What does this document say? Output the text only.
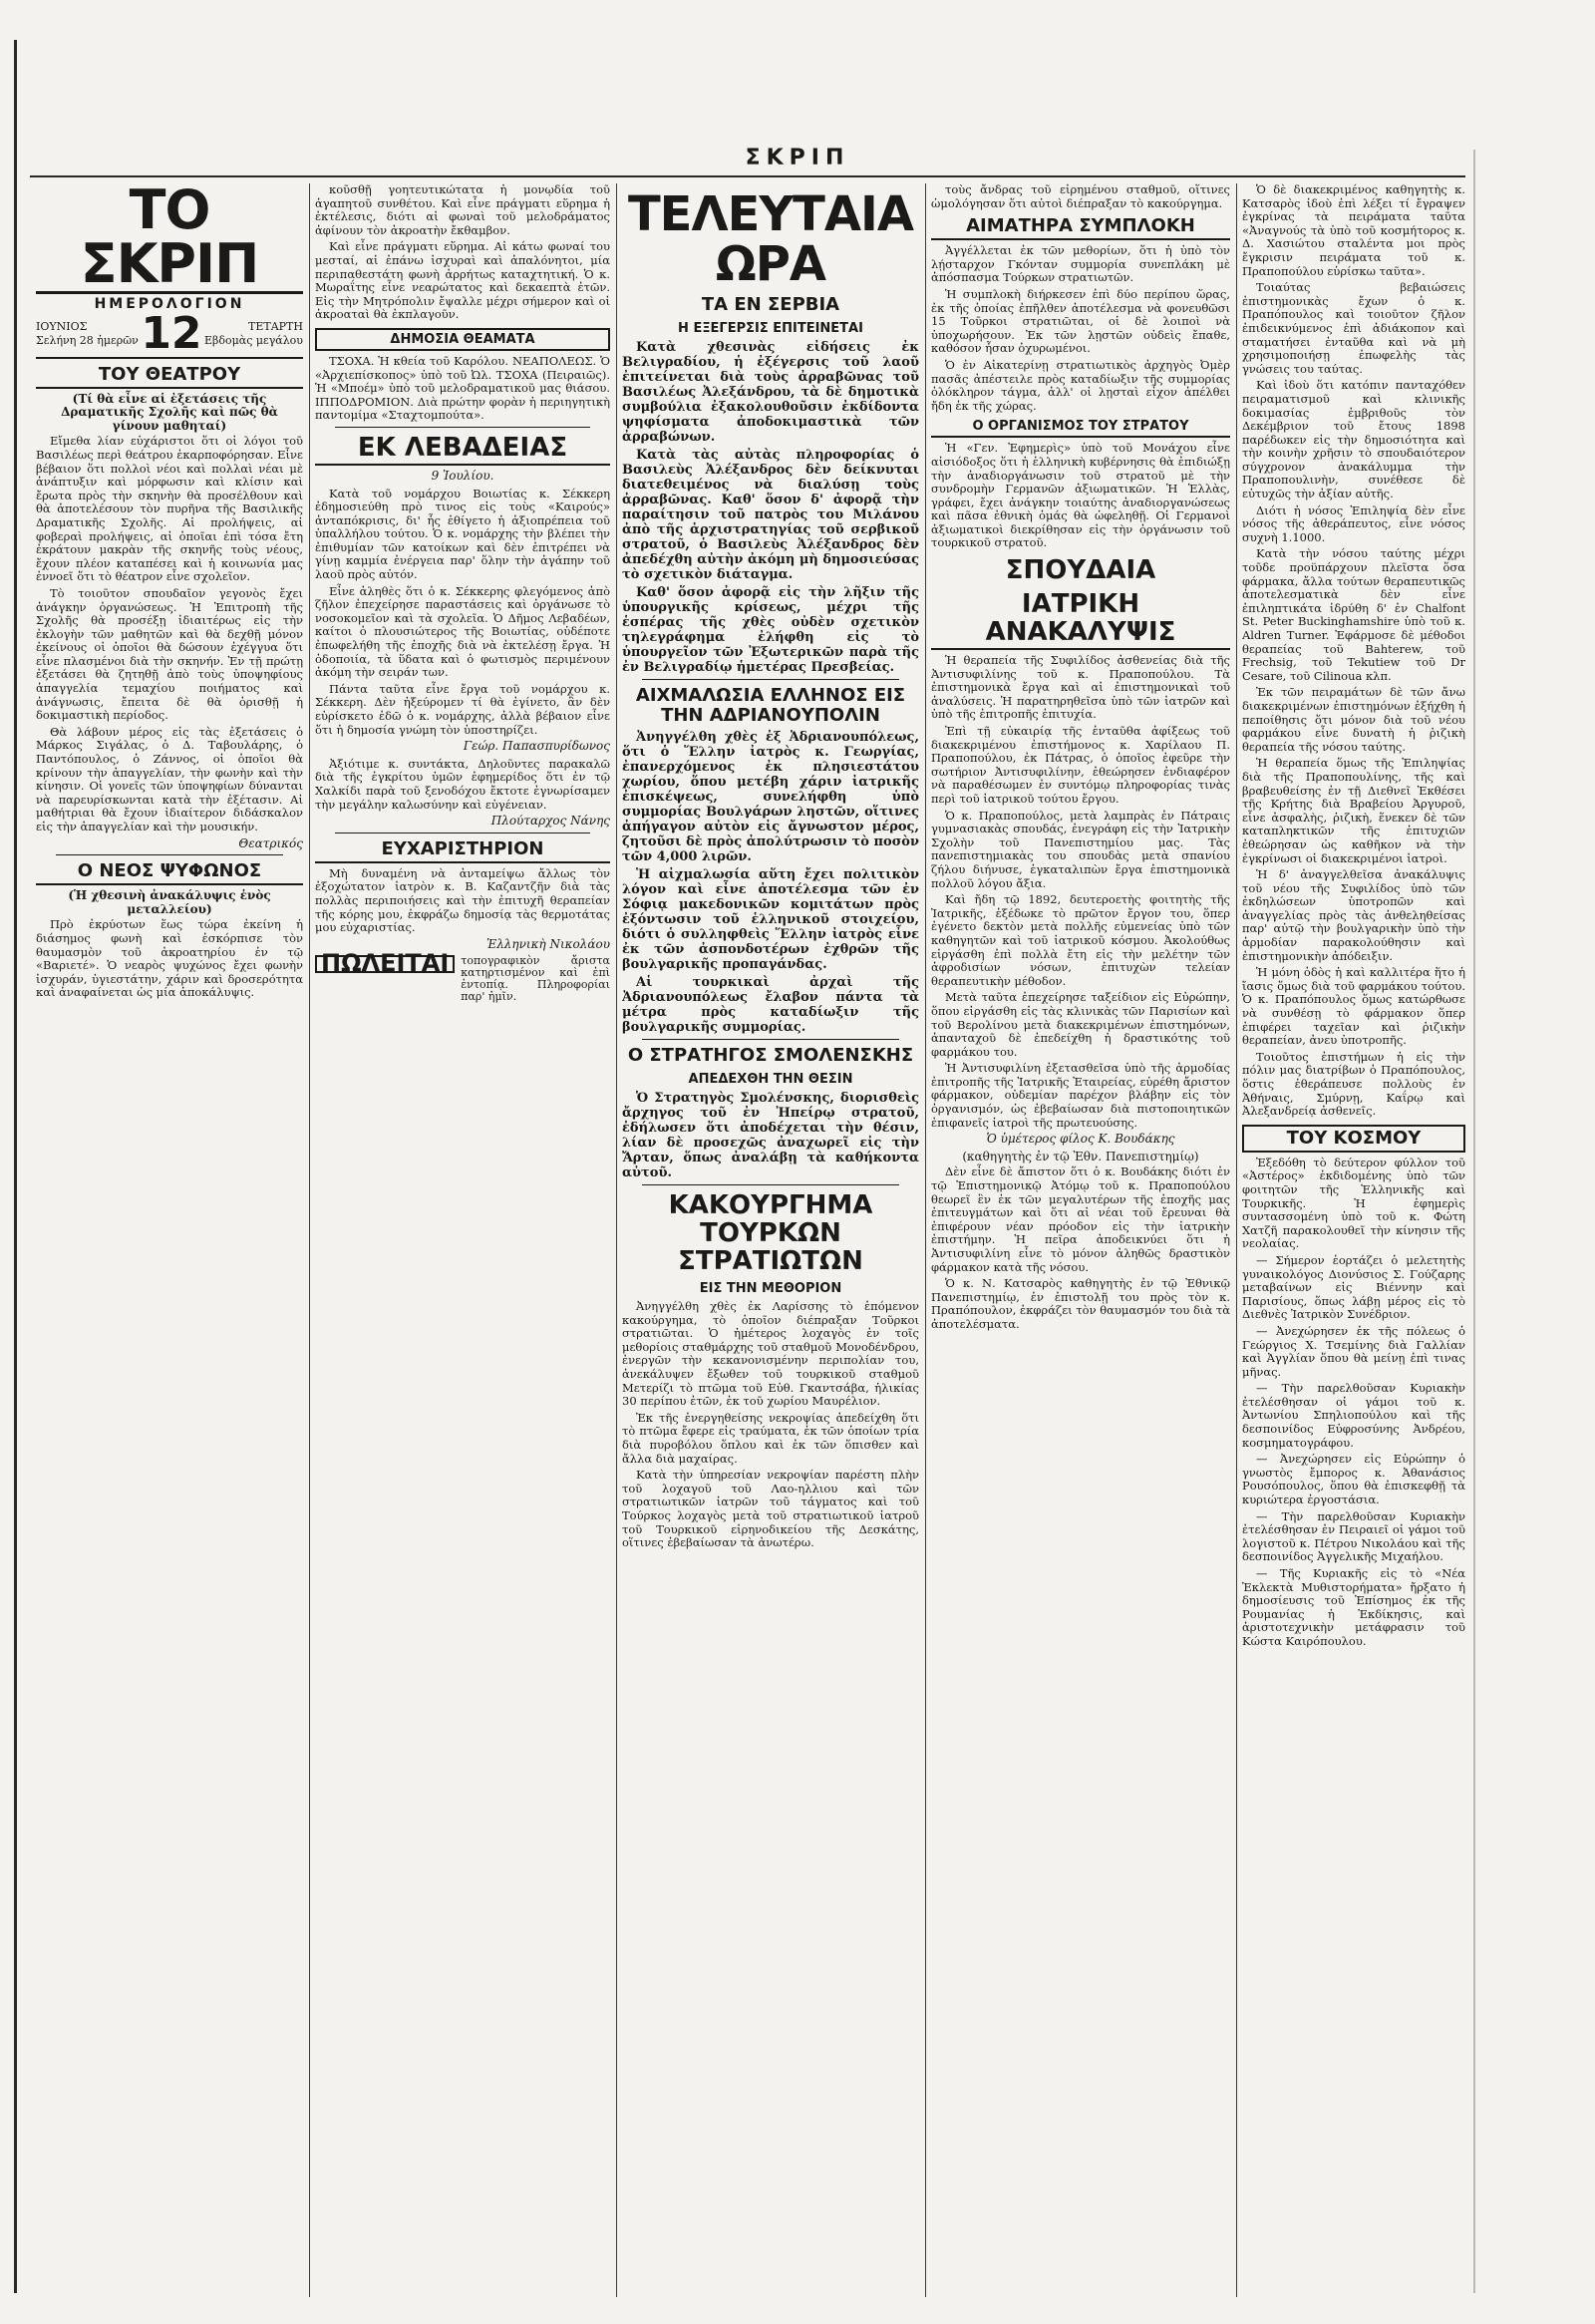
ΣΚΡΙΠ
ΤΟ ΣΚΡΙΠ
ΗΜΕΡΟΛΟΓΙΟΝ
ΙΟΥΝΙΟΣ
Σελήνη 28 ἡμερῶν 12	ΤΕΤΑΡΤΗ
Εβδομὰς μεγάλου
ΤΟΥ ΘΕΑΤΡΟΥ
(Τί θὰ εἶνε αἱ ἐξετάσεις τῆς Δραματικῆς Σχολῆς καὶ πῶς θὰ γίνουν μαθηταί)

Εἴμεθα λίαν εὐχάριστοι ὅτι οἱ λόγοι τοῦ Βασιλέως περὶ θεάτρου ἐκαρποφόρησαν. Εἶνε βέβαιον ὅτι πολλοὶ νέοι καὶ πολλαὶ νέαι μὲ ἀνάπτυξιν καὶ μόρφωσιν καὶ κλίσιν καὶ ἔρωτα πρὸς τὴν σκηνὴν θὰ προσέλθουν καὶ θὰ ἀποτελέσουν τὸν πυρῆνα τῆς Βασιλικῆς Δραματικῆς Σχολῆς. Αἱ προλήψεις, αἱ φοβεραὶ προλήψεις, αἱ ὁποῖαι ἐπὶ τόσα ἔτη ἐκράτουν μακρὰν τῆς σκηνῆς τοὺς νέους, ἔχουν πλέον καταπέσει καὶ ἡ κοινωνία μας ἐννοεῖ ὅτι τὸ θέατρον εἶνε σχολεῖον.

Τὸ τοιοῦτον σπουδαῖον γεγονὸς ἔχει ἀνάγκην ὀργανώσεως. Ἡ Ἐπιτροπὴ τῆς Σχολῆς θὰ προσέξῃ ἰδιαιτέρως εἰς τὴν ἐκλογὴν τῶν μαθητῶν καὶ θὰ δεχθῇ μόνον ἐκείνους οἱ ὁποῖοι θὰ δώσουν ἐχέγγυα ὅτι εἶνε πλασμένοι διὰ τὴν σκηνήν. Ἐν τῇ πρώτῃ ἐξετάσει θὰ ζητηθῇ ἀπὸ τοὺς ὑποψηφίους ἀπαγγελία τεμαχίου ποιήματος καὶ ἀνάγνωσις, ἔπειτα δὲ θὰ ὁρισθῇ ἡ δοκιμαστικὴ περίοδος.

Θὰ λάβουν μέρος εἰς τὰς ἐξετάσεις ὁ Μάρκος Σιγάλας, ὁ Δ. Ταβουλάρης, ὁ Παντόπουλος, ὁ Ζάννος, οἱ ὁποῖοι θὰ κρίνουν τὴν ἀπαγγελίαν, τὴν φωνὴν καὶ τὴν κίνησιν. Οἱ γονεῖς τῶν ὑποψηφίων δύνανται νὰ παρευρίσκωνται κατὰ τὴν ἐξέτασιν. Αἱ μαθήτριαι θὰ ἔχουν ἰδιαίτερον διδάσκαλον εἰς τὴν ἀπαγγελίαν καὶ τὴν μουσικήν.

Θεατρικός
Ο ΝΕΟΣ ΨΥΦΩΝΟΣ
(Ἡ χθεσινὴ ἀνακάλυψις ἑνὸς μεταλλείου)

Πρὸ ἐκρύοτων ἕως τώρα ἐκείνη ἡ διάσημος φωνὴ καὶ ἐσκόρπισε τὸν θαυμασμὸν τοῦ ἀκροατηρίου ἐν τῷ «Βαριετέ». Ὁ νεαρὸς ψυχώνος ἔχει φωνὴν ἰσχυράν, ὑγιεστάτην, χάριν καὶ δροσερότητα καὶ ἀναφαίνεται ὡς μία ἀποκάλυψις.

κοῦσθῇ γοητευτικώτατα ἡ μονῳδία τοῦ ἀγαπητοῦ συνθέτου. Καὶ εἶνε πράγματι εὕρημα ἡ ἐκτέλεσις, διότι αἱ φωναὶ τοῦ μελοδράματος ἀφίνουν τὸν ἀκροατὴν ἔκθαμβον.

Καὶ εἶνε πράγματι εὕρημα. Αἱ κάτω φωναί του μεσταί, αἱ ἐπάνω ἰσχυραὶ καὶ ἀπαλόνητοι, μία περιπαθεστάτη φωνὴ ἀρρήτως καταχτητική. Ὁ κ. Μωραΐτης εἶνε νεαρώτατος καὶ δεκαεπτὰ ἐτῶν. Εἰς τὴν Μητρόπολιν ἔψαλλε μέχρι σήμερον καὶ οἱ ἀκροαταὶ θὰ ἐκπλαγοῦν.

ΔΗΜΟΣΙΑ ΘΕΑΜΑΤΑ

ΤΣΟΧΑ. Ἡ κθεία τοῦ Καρόλου. ΝΕΑΠΟΛΕΩΣ. Ὁ «Ἀρχιεπίσκοπος» ὑπὸ τοῦ Ὠλ. ΤΣΟΧΑ (Πειραιῶς). Ἡ «Μποέμ» ὑπὸ τοῦ μελοδραματικοῦ μας θιάσου. ΙΠΠΟΔΡΟΜΙΟΝ. Διὰ πρώτην φορὰν ἡ περιηγητικὴ παντομίμα «Σταχτομπούτα».

ΕΚ ΛΕΒΑΔΕΙΑΣ
9 Ἰουλίου.

Κατὰ τοῦ νομάρχου Βοιωτίας κ. Σέκκερη ἐδημοσιεύθη πρὸ τινος εἰς τοὺς «Καιρούς» ἀνταπόκρισις, δι' ἧς ἐθίγετο ἡ ἀξιοπρέπεια τοῦ ὑπαλλήλου τούτου. Ὁ κ. νομάρχης τὴν βλέπει τὴν ἐπιθυμίαν τῶν κατοίκων καὶ δὲν ἐπιτρέπει νὰ γίνῃ καμμία ἐνέργεια παρ' ὅλην τὴν ἀγάπην τοῦ λαοῦ πρὸς αὐτόν.

Εἶνε ἀληθὲς ὅτι ὁ κ. Σέκκερης φλεγόμενος ἀπὸ ζῆλον ἐπεχείρησε παραστάσεις καὶ ὀργάνωσε τὸ νοσοκομεῖον καὶ τὰ σχολεῖα. Ὁ Δῆμος Λεβαδέων, καίτοι ὁ πλουσιώτερος τῆς Βοιωτίας, οὐδέποτε ἐπωφελήθη τῆς ἐποχῆς διὰ νὰ ἐκτελέσῃ ἔργα. Ἡ ὁδοποιία, τὰ ὕδατα καὶ ὁ φωτισμὸς περιμένουν ἀκόμη τὴν σειράν των.

Πάντα ταῦτα εἶνε ἔργα τοῦ νομάρχου κ. Σέκκερη. Δὲν ἠξεύρομεν τί θὰ ἐγίνετο, ἂν δὲν εὑρίσκετο ἐδῶ ὁ κ. νομάρχης, ἀλλὰ βέβαιον εἶνε ὅτι ἡ δημοσία γνώμη τὸν ὑποστηρίζει.

Γεώρ. Παπασπυρίδωνος

Ἀξιότιμε κ. συντάκτα, Δηλοῦντες παρακαλῶ διὰ τῆς ἐγκρίτου ὑμῶν ἐφημερίδος ὅτι ἐν τῷ Χαλκίδι παρὰ τοῦ ξενοδόχου ἔκτοτε ἐγνωρίσαμεν τὴν μεγάλην καλωσύνην καὶ εὐγένειαν.

Πλούταρχος Νάνης
ΕΥΧΑΡΙΣΤΗΡΙΟΝ

Μὴ δυναμένη νὰ ἀνταμείψω ἄλλως τὸν ἐξοχώτατον ἰατρὸν κ. Β. Καζαντζῆν διὰ τὰς πολλὰς περιποιήσεις καὶ τὴν ἐπιτυχῆ θεραπείαν τῆς κόρης μου, ἐκφράζω δημοσίᾳ τὰς θερμοτάτας μου εὐχαριστίας.

Ἑλληνικὴ Νικολάου
ΠΩΛΕΙΤΑΙ	τοπογραφικὸν ἄριστα κατηρτισμένον καὶ ἐπὶ ἐντοπίᾳ. Πληροφορίαι παρ' ἡμῖν.
ΤΕΛΕΥΤΑΙΑ ΩΡΑ
ΤΑ ΕΝ ΣΕΡΒΙΑ
Η ΕΞΕΓΕΡΣΙΣ ΕΠΙΤΕΙΝΕΤΑΙ

Κατὰ χθεσινὰς εἰδήσεις ἐκ Βελιγραδίου, ἡ ἐξέγερσις τοῦ λαοῦ ἐπιτείνεται διὰ τοὺς ἀρραβῶνας τοῦ Βασιλέως Ἀλεξάνδρου, τὰ δὲ δημοτικὰ συμβούλια ἐξακολουθοῦσιν ἐκδίδοντα ψηφίσματα ἀποδοκιμαστικὰ τῶν ἀρραβώνων.

Κατὰ τὰς αὐτὰς πληροφορίας ὁ Βασιλεὺς Ἀλέξανδρος δὲν δείκνυται διατεθειμένος νὰ διαλύσῃ τοὺς ἀρραβῶνας. Καθ' ὅσον δ' ἀφορᾷ τὴν παραίτησιν τοῦ πατρὸς του Μιλάνου ἀπὸ τῆς ἀρχιστρατηγίας τοῦ σερβικοῦ στρατοῦ, ὁ Βασιλεὺς Ἀλέξανδρος δὲν ἀπεδέχθη αὐτὴν ἀκόμη μὴ δημοσιεύσας τὸ σχετικὸν διάταγμα.

Καθ' ὅσον ἀφορᾷ εἰς τὴν λῆξιν τῆς ὑπουργικῆς κρίσεως, μέχρι τῆς ἑσπέρας τῆς χθὲς οὐδὲν σχετικὸν τηλεγράφημα ἐλήφθη εἰς τὸ ὑπουργεῖον τῶν Ἐξωτερικῶν παρὰ τῆς ἐν Βελιγραδίῳ ἡμετέρας Πρεσβείας.

ΑΙΧΜΑΛΩΣΙΑ ΕΛΛΗΝΟΣ ΕΙΣ ΤΗΝ ΑΔΡΙΑΝΟΥΠΟΛΙΝ

Ἀνηγγέλθη χθὲς ἐξ Ἀδριανουπόλεως, ὅτι ὁ Ἕλλην ἰατρὸς κ. Γεωργίας, ἐπανερχόμενος ἐκ πλησιεστάτου χωρίου, ὅπου μετέβη χάριν ἰατρικῆς ἐπισκέψεως, συνελήφθη ὑπὸ συμμορίας Βουλγάρων ληστῶν, οἵτινες ἀπήγαγον αὐτὸν εἰς ἄγνωστον μέρος, ζητοῦσι δὲ πρὸς ἀπολύτρωσιν τὸ ποσὸν τῶν 4,000 λιρῶν.

Ἡ αἰχμαλωσία αὕτη ἔχει πολιτικὸν λόγον καὶ εἶνε ἀποτέλεσμα τῶν ἐν Σόφιᾳ μακεδονικῶν κομιτάτων πρὸς ἐξόντωσιν τοῦ ἑλληνικοῦ στοιχείου, διότι ὁ συλληφθεὶς Ἕλλην ἰατρὸς εἶνε ἐκ τῶν ἀσπονδοτέρων ἐχθρῶν τῆς βουλγαρικῆς προπαγάνδας.

Αἱ τουρκικαὶ ἀρχαὶ τῆς Ἀδριανουπόλεως ἔλαβον πάντα τὰ μέτρα πρὸς καταδίωξιν τῆς βουλγαρικῆς συμμορίας.

Ο ΣΤΡΑΤΗΓΟΣ ΣΜΟΛΕΝΣΚΗΣ
ΑΠΕΔΕΧΘΗ ΤΗΝ ΘΕΣΙΝ

Ὁ Στρατηγὸς Σμολένσκης, διορισθεὶς ἄρχηγος τοῦ ἐν Ἠπείρῳ στρατοῦ, ἐδήλωσεν ὅτι ἀποδέχεται τὴν θέσιν, λίαν δὲ προσεχῶς ἀναχωρεῖ εἰς τὴν Ἄρταν, ὅπως ἀναλάβῃ τὰ καθήκοντα αὐτοῦ.

ΚΑΚΟΥΡΓΗΜΑ ΤΟΥΡΚΩΝ ΣΤΡΑΤΙΩΤΩΝ
ΕΙΣ ΤΗΝ ΜΕΘΟΡΙΟΝ

Ἀνηγγέλθη χθὲς ἐκ Λαρίσσης τὸ ἑπόμενον κακούργημα, τὸ ὁποῖον διέπραξαν Τοῦρκοι στρατιῶται. Ὁ ἡμέτερος λοχαγὸς ἐν τοῖς μεθορίοις σταθμάρχης τοῦ σταθμοῦ Μονοδένδρου, ἐνεργῶν τὴν κεκανονισμένην περιπολίαν του, ἀνεκάλυψεν ἔξωθεν τοῦ τουρκικοῦ σταθμοῦ Μετερίζι τὸ πτῶμα τοῦ Εὐθ. Γκαντσάβα, ἡλικίας 30 περίπου ἐτῶν, ἐκ τοῦ χωρίου Μαυρέλιον.

Ἐκ τῆς ἐνεργηθείσης νεκροψίας ἀπεδείχθη ὅτι τὸ πτῶμα ἔφερε εἰς τραύματα, ἐκ τῶν ὁποίων τρία διὰ πυροβόλου ὅπλου καὶ ἐκ τῶν ὅπισθεν καὶ ἄλλα διὰ μαχαίρας.

Κατὰ τὴν ὑπηρεσίαν νεκροψίαν παρέστη πλὴν τοῦ λοχαγοῦ τοῦ Λαο-ηλλιου καὶ τῶν στρατιωτικῶν ἰατρῶν τοῦ τάγματος καὶ τοῦ Τούρκος λοχαγὸς μετὰ τοῦ στρατιωτικοῦ ἰατροῦ τοῦ Τουρκικοῦ εἰρηνοδικείου τῆς Δεσκάτης, οἵτινες ἐβεβαίωσαν τὰ ἀνωτέρω.

τοὺς ἄνδρας τοῦ εἰρημένου σταθμοῦ, οἵτινες ὡμολόγησαν ὅτι αὐτοὶ διέπραξαν τὸ κακούργημα.

ΑΙΜΑΤΗΡΑ ΣΥΜΠΛΟΚΗ

Ἀγγέλλεται ἐκ τῶν μεθορίων, ὅτι ἡ ὑπὸ τὸν λῄσταρχον Γκόνταν συμμορία συνεπλάκη μὲ ἀπόσπασμα Τούρκων στρατιωτῶν.

Ἡ συμπλοκὴ διήρκεσεν ἐπὶ δύο περίπου ὥρας, ἐκ τῆς ὁποίας ἐπῆλθεν ἀποτέλεσμα νὰ φονευθῶσι 15 Τοῦρκοι στρατιῶται, οἱ δὲ λοιποὶ νὰ ὑποχωρήσουν. Ἐκ τῶν λῃστῶν οὐδεὶς ἔπαθε, καθόσον ἦσαν ὀχυρωμένοι.

Ὁ ἐν Αἰκατερίνῃ στρατιωτικὸς ἀρχηγὸς Ὀμὲρ πασᾶς ἀπέστειλε πρὸς καταδίωξιν τῆς συμμορίας ὁλόκληρον τάγμα, ἀλλ' οἱ λῃσταὶ εἶχον ἀπέλθει ἤδη ἐκ τῆς χώρας.

Ο ΟΡΓΑΝΙΣΜΟΣ ΤΟΥ ΣΤΡΑΤΟΥ

Ἡ «Γεν. Ἐφημερὶς» ὑπὸ τοῦ Μονάχου εἶνε αἰσιόδοξος ὅτι ἡ ἑλληνικὴ κυβέρνησις θὰ ἐπιδιώξῃ τὴν ἀναδιοργάνωσιν τοῦ στρατοῦ μὲ τὴν συνδρομὴν Γερμανῶν ἀξιωματικῶν. Ἡ Ἑλλὰς, γράφει, ἔχει ἀνάγκην τοιαύτης ἀναδιοργανώσεως καὶ πᾶσα ἐθνικὴ ὁμάς θὰ ὠφεληθῇ. Οἱ Γερμανοὶ ἀξιωματικοὶ διεκρίθησαν εἰς τὴν ὀργάνωσιν τοῦ τουρκικοῦ στρατοῦ.

ΣΠΟΥΔΑΙΑ
ΙΑΤΡΙΚΗ ΑΝΑΚΑΛΥΨΙΣ

Ἡ θεραπεία τῆς Συφιλίδος ἀσθενείας διὰ τῆς Ἀντισυφιλίνης τοῦ κ. Πραποπούλου. Τὰ ἐπιστημονικὰ ἔργα καὶ αἱ ἐπιστημονικαὶ τοῦ ἀναλύσεις. Ἡ παρατηρηθεῖσα ὑπὸ τῶν ἰατρῶν καὶ ὑπὸ τῆς ἐπιτροπῆς ἐπιτυχία.

Ἐπὶ τῇ εὐκαιρίᾳ τῆς ἐνταῦθα ἀφίξεως τοῦ διακεκριμένου ἐπιστήμονος κ. Χαρίλαου Π. Πραποπούλου, ἐκ Πάτρας, ὁ ὁποῖος ἐφεῦρε τὴν σωτήριον Ἀντισυφιλίνην, ἐθεώρησεν ἐνδιαφέρον νὰ παραθέσωμεν ἐν συντόμῳ πληροφορίας τινὰς περὶ τοῦ ἰατρικοῦ τούτου ἔργου.

Ὁ κ. Πραποπούλος, μετὰ λαμπρὰς ἐν Πάτραις γυμνασιακὰς σπουδάς, ἐνεγράφη εἰς τὴν Ἰατρικὴν Σχολὴν τοῦ Πανεπιστημίου μας. Τὰς πανεπιστημιακὰς του σπουδὰς μετὰ σπανίου ζήλου διήνυσε, ἐγκαταλιπὼν ἔργα ἐπιστημονικὰ πολλοῦ λόγου ἄξια.

Καὶ ἤδη τῷ 1892, δευτεροετὴς φοιτητὴς τῆς Ἰατρικῆς, ἐξέδωκε τὸ πρῶτον ἔργον του, ὅπερ ἐγένετο δεκτὸν μετὰ πολλῆς εὐμενείας ὑπὸ τῶν καθηγητῶν καὶ τοῦ ἰατρικοῦ κόσμου. Ἀκολούθως εἰργάσθη ἐπὶ πολλὰ ἔτη εἰς τὴν μελέτην τῶν ἀφροδισίων νόσων, ἐπιτυχὼν τελείαν θεραπευτικὴν μέθοδον.

Μετὰ ταῦτα ἐπεχείρησε ταξείδιον εἰς Εὐρώπην, ὅπου εἰργάσθη εἰς τὰς κλινικὰς τῶν Παρισίων καὶ τοῦ Βερολίνου μετὰ διακεκριμένων ἐπιστημόνων, ἀπανταχοῦ δὲ ἐπεδείχθη ἡ δραστικότης τοῦ φαρμάκου του.

Ἡ Ἀντισυφιλίνη ἐξετασθεῖσα ὑπὸ τῆς ἁρμοδίας ἐπιτροπῆς τῆς Ἰατρικῆς Ἑταιρείας, εὑρέθη ἄριστον φάρμακον, οὐδεμίαν παρέχον βλάβην εἰς τὸν ὀργανισμόν, ὡς ἐβεβαίωσαν διὰ πιστοποιητικῶν ἐπιφανεῖς ἰατροὶ τῆς πρωτευούσης.

Ὁ ὑμέτερος φίλος Κ. Βουδάκης
(καθηγητὴς ἐν τῷ Ἐθν. Πανεπιστημίῳ)

Δὲν εἶνε δὲ ἄπιστον ὅτι ὁ κ. Βουδάκης διότι ἐν τῷ Ἐπιστημονικῷ Ἀτόμῳ τοῦ κ. Πραποπούλου θεωρεῖ ἓν ἐκ τῶν μεγαλυτέρων τῆς ἐποχῆς μας ἐπιτευγμάτων καὶ ὅτι αἱ νέαι τοῦ ἔρευναι θὰ ἐπιφέρουν νέαν πρόοδον εἰς τὴν ἰατρικὴν ἐπιστήμην. Ἡ πεῖρα ἀποδεικνύει ὅτι ἡ Ἀντισυφιλίνη εἶνε τὸ μόνον ἀληθῶς δραστικὸν φάρμακον κατὰ τῆς νόσου.

Ὁ κ. Ν. Κατσαρὸς καθηγητὴς ἐν τῷ Ἐθνικῷ Πανεπιστημίῳ, ἐν ἐπιστολῇ του πρὸς τὸν κ. Πραπόπουλον, ἐκφράζει τὸν θαυμασμόν του διὰ τὰ ἀποτελέσματα.

Ὁ δὲ διακεκριμένος καθηγητὴς κ. Κατσαρὸς ἰδοὺ ἐπὶ λέξει τί ἔγραψεν ἐγκρίνας τὰ πειράματα ταῦτα «Ἀναγνούς τὰ ὑπὸ τοῦ κοσμήτορος κ. Δ. Χασιώτου σταλέντα μοι πρὸς ἔγκρισιν πειράματα τοῦ κ. Πραποπούλου εὑρίσκω ταῦτα».

Τοιαύτας βεβαιώσεις ἐπιστημονικὰς ἔχων ὁ κ. Πραπόπουλος καὶ τοιοῦτον ζῆλον ἐπιδεικνύμενος ἐπὶ ἀδιάκοπον καὶ σταματήσει ἐνταῦθα καὶ νὰ μὴ χρησιμοποιήσῃ ἐπωφελὴς τὰς γνώσεις του ταύτας.

Καὶ ἰδοὺ ὅτι κατόπιν πανταχόθεν πειραματισμοῦ καὶ κλινικῆς δοκιμασίας ἐμβριθοῦς τὸν Δεκέμβριον τοῦ ἔτους 1898 παρέδωκεν εἰς τὴν δημοσιότητα καὶ τὴν κοινὴν χρῆσιν τὸ σπουδαιότερον σύγχρονον ἀνακάλυμμα τὴν Πραποπουλινὴν, συνέθεσε δὲ εὐτυχῶς τὴν ἀξίαν αὐτῆς.

Διότι ἡ νόσος Ἐπιληψία δὲν εἶνε νόσος τῆς ἀθεράπευτος, εἶνε νόσος συχνὴ 1.1000.

Κατὰ τὴν νόσου ταύτης μέχρι τοῦδε προϋπάρχουν πλεῖστα ὅσα φάρμακα, ἄλλα τούτων θεραπευτικῶς ἀποτελεσματικὰ δὲν εἶνε ἐπιληπτικάτα ἰδρύθη δ' ἐν Chalfont St. Peter Buckinghamshire ὑπὸ τοῦ κ. Aldren Turner. Ἐφάρμοσε δὲ μέθοδοι θεραπείας τοῦ Bahterew, τοῦ Frechsig, τοῦ Tekutiew τοῦ Dr Cesare, τοῦ Cilinoua κλπ.

Ἐκ τῶν πειραμάτων δὲ τῶν ἄνω διακεκριμένων ἐπιστημόνων ἐξήχθη ἡ πεποίθησις ὅτι μόνον διὰ τοῦ νέου φαρμάκου εἶνε δυνατὴ ἡ ῥιζικὴ θεραπεία τῆς νόσου ταύτης.

Ἡ θεραπεία ὅμως τῆς Ἐπιληψίας διὰ τῆς Πραποπουλίνης, τῆς καὶ βραβευθείσης ἐν τῇ Διεθνεῖ Ἐκθέσει τῆς Κρήτης διὰ Βραβείου Ἀργυροῦ, εἶνε ἀσφαλὴς, ῥιζικὴ, ἕνεκεν δὲ τῶν καταπληκτικῶν τῆς ἐπιτυχιῶν ἐθεώρησαν ὡς καθῆκον νὰ τὴν ἐγκρίνωσι οἱ διακεκριμένοι ἰατροὶ.

Ἡ δ' ἀναγγελθεῖσα ἀνακάλυψις τοῦ νέου τῆς Συφιλίδος ὑπὸ τῶν ἐκδηλώσεων ὑποτροπῶν καὶ ἀναγγελίας πρὸς τὰς ἀνθεληθείσας παρ' αὐτῷ τὴν βουλγαρικὴν ὑπὸ τὴν ἁρμοδίαν παρακολούθησιν καὶ ἐπιστημονικὴν ἀπόδειξιν.

Ἡ μόνη ὁδὸς ἡ καὶ καλλιτέρα ἥτο ἡ ἴασις ὅμως διὰ τοῦ φαρμάκου τούτου. Ὁ κ. Πραπόπουλος ὅμως κατώρθωσε νὰ συνθέσῃ τὸ φάρμακον ὅπερ ἐπιφέρει ταχεῖαν καὶ ῥιζικὴν θεραπείαν, ἀνευ ὑποτροπῆς.

Τοιοῦτος ἐπιστήμων ἡ εἰς τὴν πόλιν μας διατρίβων ὁ Πραπόπουλος, ὅστις ἐθεράπευσε πολλοὺς ἐν Ἀθήναις, Σμύρνῃ, Καΐρῳ καὶ Ἀλεξανδρείᾳ ἀσθενεῖς.

ΤΟΥ ΚΟΣΜΟΥ

Ἐξεδόθη τὸ δεύτερον φύλλον τοῦ «Ἀστέρος» ἐκδιδομένης ὑπὸ τῶν φοιτητῶν τῆς Ἑλληνικῆς καὶ Τουρκικῆς. Ἡ ἐφημερὶς συντασσομένη ὑπὸ τοῦ κ. Φώτη Χατζῆ παρακολουθεῖ τὴν κίνησιν τῆς νεολαίας.

— Σήμερον ἑορτάζει ὁ μελετητὴς γυναικολόγος Διονύσιος Σ. Γούζαρης μεταβαίνων εἰς Βιέννην καὶ Παρισίους, ὅπως λάβῃ μέρος εἰς τὸ Διεθνὲς Ἰατρικὸν Συνέδριον.

— Ἀνεχώρησεν ἐκ τῆς πόλεως ὁ Γεώργιος Χ. Τσεμίνης διὰ Γαλλίαν καὶ Ἀγγλίαν ὅπου θὰ μείνῃ ἐπὶ τινας μῆνας.

— Τὴν παρελθοῦσαν Κυριακὴν ἐτελέσθησαν οἱ γάμοι τοῦ κ. Ἀντωνίου Σπηλιοπούλου καὶ τῆς δεσποινίδος Εὐφροσύνης Ἀνδρέου, κοσμηματογράφου.

— Ἀνεχώρησεν εἰς Εὐρώπην ὁ γνωστὸς ἔμπορος κ. Ἀθανάσιος Ρουσόπουλος, ὅπου θὰ ἐπισκεφθῇ τὰ κυριώτερα ἐργοστάσια.

— Τὴν παρελθοῦσαν Κυριακὴν ἐτελέσθησαν ἐν Πειραιεῖ οἱ γάμοι τοῦ λογιστοῦ κ. Πέτρου Νικολάου καὶ τῆς δεσποινίδος Ἀγγελικῆς Μιχαήλου.

— Τῆς Κυριακῆς εἰς τὸ «Νέα Ἐκλεκτὰ Μυθιστορήματα» ἤρξατο ἡ δημοσίευσις τοῦ Ἐπίσημος ἐκ τῆς Ρουμανίας ἡ Ἐκδίκησις, καὶ ἀριστοτεχνικὴν μετάφρασιν τοῦ Κώστα Καιρόπουλου.
